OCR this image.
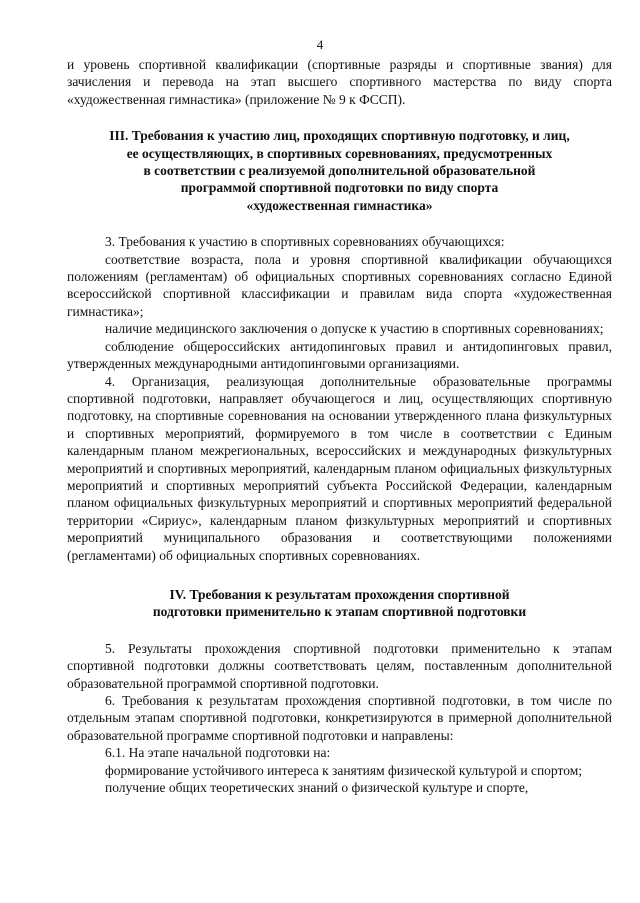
4

и уровень спортивной квалификации (спортивные разряды и спортивные звания) для зачисления и перевода на этап высшего спортивного мастерства по виду спорта «художественная гимнастика» (приложение № 9 к ФССП).

III. Требования к участию лиц, проходящих спортивную подготовку, и лиц,
ее осуществляющих, в спортивных соревнованиях, предусмотренных
в соответствии с реализуемой дополнительной образовательной
программой спортивной подготовки по виду спорта
«художественная гимнастика»

3. Требования к участию в спортивных соревнованиях обучающихся:

соответствие возраста, пола и уровня спортивной квалификации обучающихся положениям (регламентам) об официальных спортивных соревнованиях согласно Единой всероссийской спортивной классификации и правилам вида спорта «художественная гимнастика»;

наличие медицинского заключения о допуске к участию в спортивных соревнованиях;

соблюдение общероссийских антидопинговых правил и антидопинговых правил, утвержденных международными антидопинговыми организациями.

4. Организация, реализующая дополнительные образовательные программы спортивной подготовки, направляет обучающегося и лиц, осуществляющих спортивную подготовку, на спортивные соревнования на основании утвержденного плана физкультурных и спортивных мероприятий, формируемого в том числе в соответствии с Единым календарным планом межрегиональных, всероссийских и международных физкультурных мероприятий и спортивных мероприятий, календарным планом официальных физкультурных мероприятий и спортивных мероприятий субъекта Российской Федерации, календарным планом официальных физкультурных мероприятий и спортивных мероприятий федеральной территории «Сириус», календарным планом физкультурных мероприятий и спортивных мероприятий муниципального образования и соответствующими положениями (регламентами) об официальных спортивных соревнованиях.

IV. Требования к результатам прохождения спортивной
подготовки применительно к этапам спортивной подготовки

5. Результаты прохождения спортивной подготовки применительно к этапам спортивной подготовки должны соответствовать целям, поставленным дополнительной образовательной программой спортивной подготовки.

6. Требования к результатам прохождения спортивной подготовки, в том числе по отдельным этапам спортивной подготовки, конкретизируются в примерной дополнительной образовательной программе спортивной подготовки и направлены:

6.1. На этапе начальной подготовки на:

формирование устойчивого интереса к занятиям физической культурой и спортом;

получение общих теоретических знаний о физической культуре и спорте,
